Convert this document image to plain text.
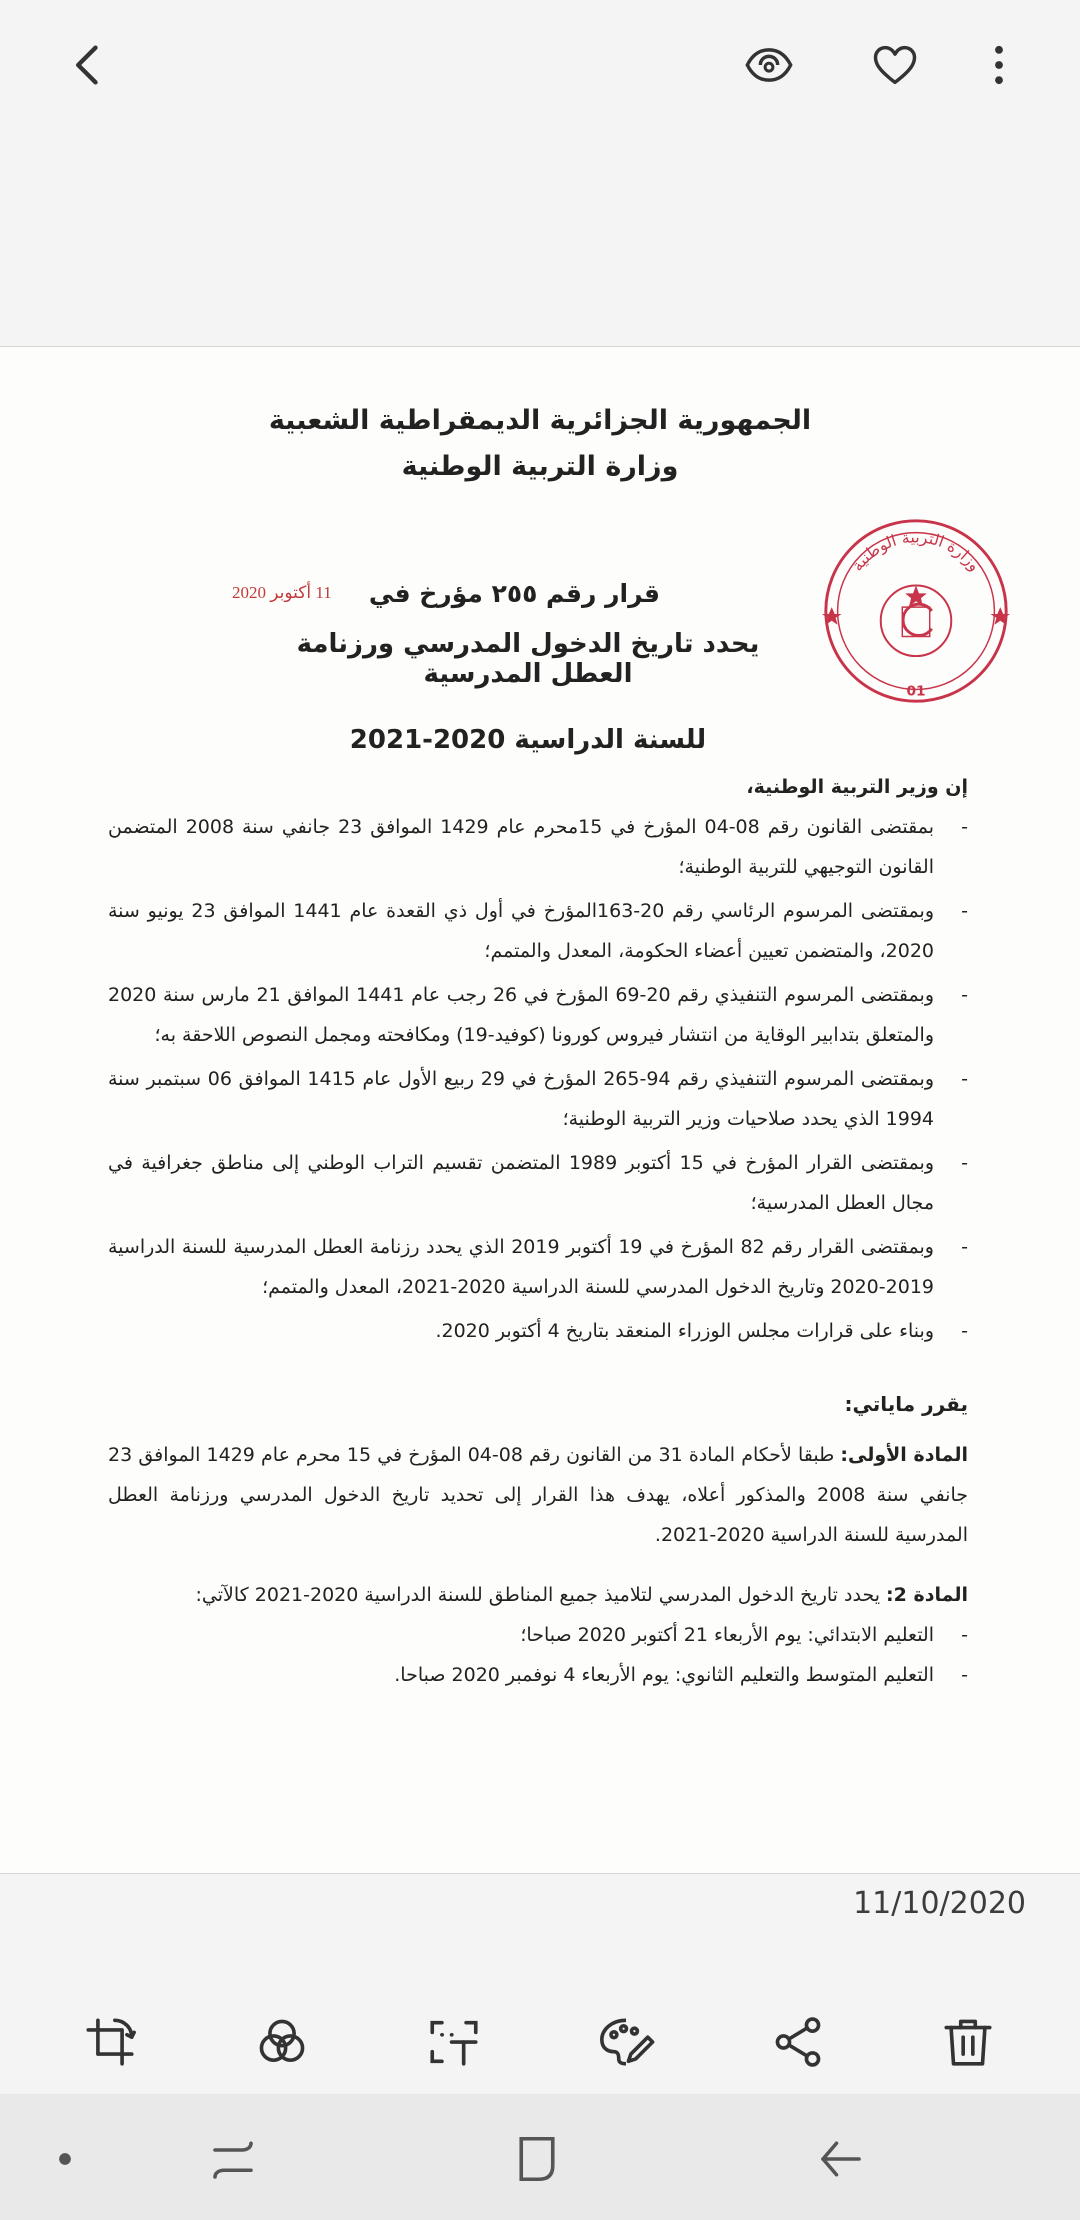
الجمهورية الجزائرية الديمقراطية الشعبية
وزارة التربية الوطنية
قرار رقم ٢٥٥ مؤرخ في
11 أكتوبر 2020
يحدد تاريخ الدخول المدرسي ورزنامة العطل المدرسية
للسنة الدراسية 2020-2021
وزارة التربية الوطنية
01
إن وزير التربية الوطنية،
- بمقتضى القانون رقم 08-04 المؤرخ في 15محرم عام 1429 الموافق 23 جانفي سنة 2008 المتضمن القانون التوجيهي للتربية الوطنية؛
- وبمقتضى المرسوم الرئاسي رقم 20-163المؤرخ في أول ذي القعدة عام 1441 الموافق 23 يونيو سنة 2020، والمتضمن تعيين أعضاء الحكومة، المعدل والمتمم؛
- وبمقتضى المرسوم التنفيذي رقم 20-69 المؤرخ في 26 رجب عام 1441 الموافق 21 مارس سنة 2020 والمتعلق بتدابير الوقاية من انتشار فيروس كورونا (كوفيد-19) ومكافحته ومجمل النصوص اللاحقة به؛
- وبمقتضى المرسوم التنفيذي رقم 94-265 المؤرخ في 29 ربيع الأول عام 1415 الموافق 06 سبتمبر سنة 1994 الذي يحدد صلاحيات وزير التربية الوطنية؛
- وبمقتضى القرار المؤرخ في 15 أكتوبر 1989 المتضمن تقسيم التراب الوطني إلى مناطق جغرافية في مجال العطل المدرسية؛
- وبمقتضى القرار رقم 82 المؤرخ في 19 أكتوبر 2019 الذي يحدد رزنامة العطل المدرسية للسنة الدراسية 2019-2020 وتاريخ الدخول المدرسي للسنة الدراسية 2020-2021، المعدل والمتمم؛
- وبناء على قرارات مجلس الوزراء المنعقد بتاريخ 4 أكتوبر 2020.
يقرر ماياتي:
المادة الأولى: طبقا لأحكام المادة 31 من القانون رقم 08-04 المؤرخ في 15 محرم عام 1429 الموافق 23 جانفي سنة 2008 والمذكور أعلاه، يهدف هذا القرار إلى تحديد تاريخ الدخول المدرسي ورزنامة العطل المدرسية للسنة الدراسية 2020-2021.
المادة 2: يحدد تاريخ الدخول المدرسي لتلاميذ جميع المناطق للسنة الدراسية 2020-2021 كالآتي:
- التعليم الابتدائي: يوم الأربعاء 21 أكتوبر 2020 صباحا؛
- التعليم المتوسط والتعليم الثانوي: يوم الأربعاء 4 نوفمبر 2020 صباحا.
11/10/2020
